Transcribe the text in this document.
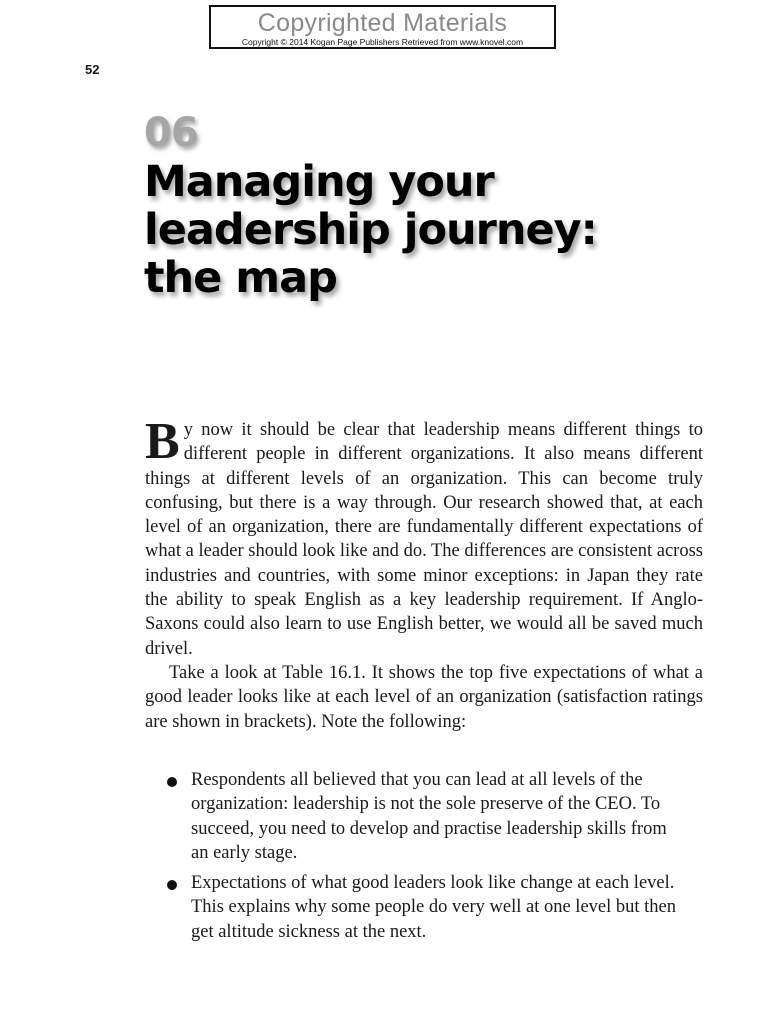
Copyrighted Materials
Copyright © 2014 Kogan Page Publishers Retrieved from www.knovel.com
52
06
Managing your
leadership journey:
the map

By now it should be clear that leadership means different things to different people in different organizations. It also means different things at different levels of an organization. This can become truly confusing, but there is a way through. Our research showed that, at each level of an organization, there are fundamentally different expectations of what a leader should look like and do. The differences are consistent across industries and countries, with some minor exceptions: in Japan they rate the ability to speak English as a key leadership requirement. If Anglo-Saxons could also learn to use English better, we would all be saved much drivel.

Take a look at Table 16.1. It shows the top five expectations of what a good leader looks like at each level of an organization (satisfaction ratings are shown in brackets). Note the following:

Respondents all believed that you can lead at all levels of the organization: leadership is not the sole preserve of the CEO. To succeed, you need to develop and practise leadership skills from an early stage.
Expectations of what good leaders look like change at each level. This explains why some people do very well at one level but then get altitude sickness at the next.
